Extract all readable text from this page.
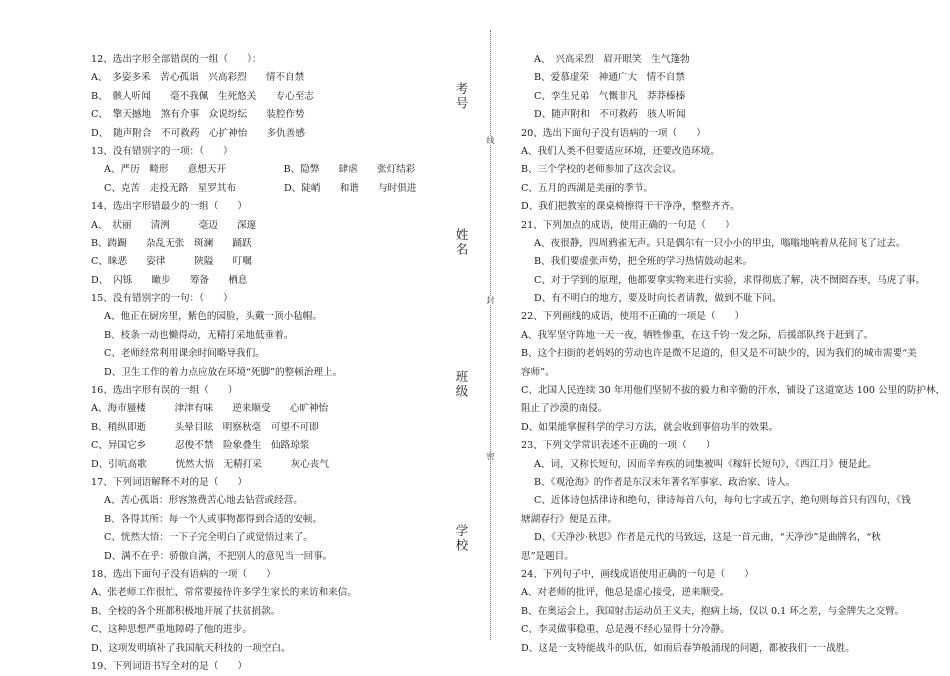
12、选出字形全部错误的一组（　　）：
A、　多姿多釆　苦心孤诣　兴高彩烈　　情不自禁
B、　骸人听闻　　毫不我佩　生死悠关　　专心至志
C、　擎天撼地　煞有介事　众说纷纭　　装腔作势
D、　随声附合　不可救药　心扩神怡　　多仇善感
13、没有错别字的一项：（　　）
A、严历　畸形　　意想天开　　　　　　B、隐弊　　肆虐　　张灯结彩
C、克苦　走投无路　星罗其布　　　　　D、陡峭　　和谐　　与时俱进
14、选出字形错最少的一组（　　）
A、　状丽　　清洌　　　毫迈　　深邃
B、踌蹰　　杂乱无张　斑澜　　踊跃
C、睐恶　　姿律　　　陕隘　　叮嘱
D、　闪铄　　瞰步　　筹备　　栖息
15、没有错别字的一句：（　　）
A、他正在厨房里，紫色的园脸，头戴一顶小毡帽。
B、枝条一动也懒得动，无精打采地低垂着。
C、老师经常利用课余时间略导我们。
D、卫生工作的着力点应放在环境“死脚”的整顿治理上。
16、选出字形有误的一组（　　）
A、海市蜃楼　　　津津有味　　逆来顺受　　心旷神怡
B、稍纵即逝　　　头晕目眩　明察秋毫　可望不可即
C、异国它乡　　　忍俊不禁　险象叠生　仙路琼浆
D、引吭高歌　　　恍然大悟　无精打采　　　灰心丧气
17、下列词语解释不对的是（　　）
A、苦心孤诣：形容煞费苦心地去钻营或经营。
B、各得其所：每一个人或事物都得到合适的安顿。
C、恍然大悟：一下子完全明白了或觉悟过来了。
D、满不在乎：骄傲自满，不把别人的意见当一回事。
18、选出下面句子没有语病的一项（　　）
A、张老师工作很忙，常常要接待许多学生家长的来访和来信。
B、全校的各个班都积极地开展了扶贫捐款。
C、这种思想严重地障碍了他的进步。
D、这项发明填补了我国航天科技的一项空白。
19、下列词语书写全对的是（　　）
A、　兴高采烈　眉开眼笑　生气篷勃
B、爱慕虚荣　神通广大　情不自禁
C、孪生兄弟　气慨非凡　莽莽榛榛
D、随声附和　不可救药　骇人听闻
20、选出下面句子没有语病的一项（　　）
A、我们人类不但要适应环境，还要改造环境。
B、三个学校的老师参加了这次会议。
C、五月的西湖是美丽的季节。
D、我们把教室的课桌椅擦得干干净净，整整齐齐。
21、下列加点的成语，使用正确的一句是（　　）
A、夜很静，四周鸦雀无声。只是偶尔有一只小小的甲虫，嗡嗡地响着从花间飞了过去。
B、我们要虚张声势，把全班的学习热情鼓动起来。
C、对于学到的原理，他都要拿实物来进行实验，求得彻底了解，决不囫囵吞枣，马虎了事。
D、有不明白的地方，要及时向长者请教，做到不耻下问。
22、下列画线的成语，使用不正确的一项是（　　）
A、我军坚守阵地一天一夜，牺牲惨重，在这千钧一发之际，后援部队终于赶到了。
B、这个扫街的老妈妈的劳动也许是微不足道的，但又是不可缺少的，因为我们的城市需要“美
容师”。
C、北国人民连续 30 年用他们坚韧不拔的毅力和辛勤的汗水，铺设了这道宽达 100 公里的防护林，
阻止了沙漠的南侵。
D、如果能掌握科学的学习方法，就会收到事倍功半的效果。
23、下列文学常识表述不正确的一项（　　）
A、词，又称长短句，因而辛弃疾的词集被叫《稼轩长短句》，《西江月》便是此。
B、《观沧海》的作者是东汉末年著名军事家、政治家、诗人。
C、近体诗包括律诗和绝句，律诗每首八句，每句七字或五字，绝句则每首只有四句，《钱
塘湖春行》便是五律。
D、《天净沙·秋思》作者是元代的马致远，这是一首元曲，“天净沙”是曲牌名，“秋
思”是题目。
24、下列句子中，画线成语使用正确的一句是（　　）
A、对老师的批评，他总是虚心接受，逆来顺受。
B、在奥运会上，我国射击运动员王义夫，抱病上场，仅以 0.1 环之差，与金牌失之交臂。
C、李灵做事稳重，总是漫不经心显得十分冷静。
D、这是一支特能战斗的队伍，如雨后春笋般涌现的问题，都被我们一一战胜。
考号
姓名
班级
学校
线
封
密
